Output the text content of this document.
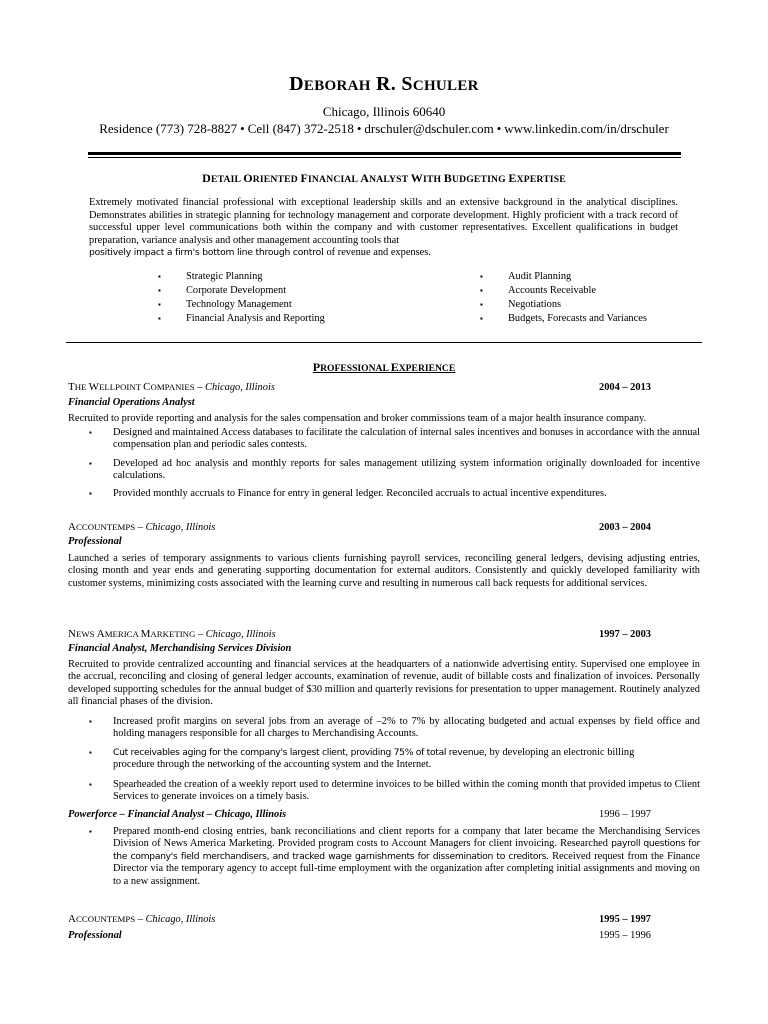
DEBORAH R. SCHULER
Chicago, Illinois 60640
Residence (773) 728-8827 • Cell (847) 372-2518 • drschuler@dschuler.com • www.linkedin.com/in/drschuler
DETAIL ORIENTED FINANCIAL ANALYST WITH BUDGETING EXPERTISE
Extremely motivated financial professional with exceptional leadership skills and an extensive background in the analytical disciplines. Demonstrates abilities in strategic planning for technology management and corporate development. Highly proficient with a track record of successful upper level communications both within the company and with customer representatives. Excellent qualifications in budget preparation, variance analysis and other management accounting tools that
positively impact a firm's bottom line through control of revenue and expenses.
▪	Strategic Planning
▪	Corporate Development
▪	Technology Management
▪	Financial Analysis and Reporting
▪	Audit Planning
▪	Accounts Receivable
▪	Negotiations
▪	Budgets, Forecasts and Variances
PROFESSIONAL EXPERIENCE
THE WELLPOINT COMPANIES – Chicago, Illinois	2004 – 2013
Financial Operations Analyst
Recruited to provide reporting and analysis for the sales compensation and broker commissions team of a major health insurance company.
▪ Designed and maintained Access databases to facilitate the calculation of internal sales incentives and bonuses in accordance with the annual compensation plan and periodic sales contests.
▪ Developed ad hoc analysis and monthly reports for sales management utilizing system information originally downloaded for incentive calculations.
▪ Provided monthly accruals to Finance for entry in general ledger. Reconciled accruals to actual incentive expenditures.
ACCOUNTEMPS – Chicago, Illinois	2003 – 2004
Professional
Launched a series of temporary assignments to various clients furnishing payroll services, reconciling general ledgers, devising adjusting entries, closing month and year ends and generating supporting documentation for external auditors. Consistently and quickly developed familiarity with customer systems, minimizing costs associated with the learning curve and resulting in numerous call back requests for additional services.
NEWS AMERICA MARKETING – Chicago, Illinois	1997 – 2003
Financial Analyst, Merchandising Services Division
Recruited to provide centralized accounting and financial services at the headquarters of a nationwide advertising entity. Supervised one employee in the accrual, reconciling and closing of general ledger accounts, examination of revenue, audit of billable costs and finalization of invoices. Personally developed supporting schedules for the annual budget of $30 million and quarterly revisions for presentation to upper management. Routinely analyzed all financial phases of the division.
▪ Increased profit margins on several jobs from an average of –2% to 7% by allocating budgeted and actual expenses by field office and holding managers responsible for all charges to Merchandising Accounts.
▪ Cut receivables aging for the company's largest client, providing 75% of total revenue, by developing an electronic billing
procedure through the networking of the accounting system and the Internet.
▪ Spearheaded the creation of a weekly report used to determine invoices to be billed within the coming month that provided impetus to Client Services to generate invoices on a timely basis.
Powerforce – Financial Analyst – Chicago, Illinois	1996 – 1997
▪ Prepared month-end closing entries, bank reconciliations and client reports for a company that later became the Merchandising Services Division of News America Marketing. Provided program costs to Account Managers for client invoicing. Researched payroll questions for the company's field merchandisers, and tracked wage garnishments for dissemination to creditors. Received request from the Finance Director via the temporary agency to accept full-time employment with the organization after completing initial assignments and moving on to a new assignment.
ACCOUNTEMPS – Chicago, Illinois	1995 – 1997
Professional	1995 – 1996
